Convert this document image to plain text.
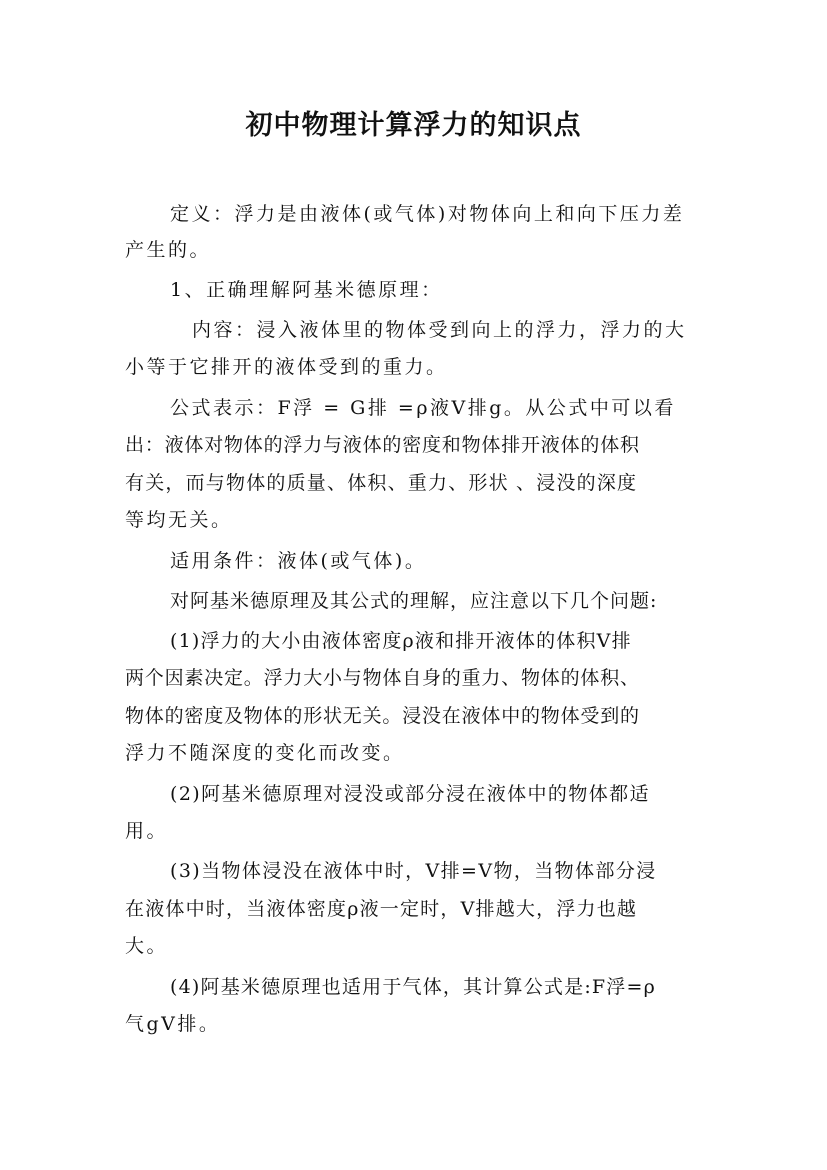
初中物理计算浮力的知识点
定义：浮力是由液体(或气体)对物体向上和向下压力差
产生的。
1、正确理解阿基米德原理：
内容：浸入液体里的物体受到向上的浮力，浮力的大
小等于它排开的液体受到的重力。
公式表示：F浮 = G排 =ρ液V排g。从公式中可以看
出：液体对物体的浮力与液体的密度和物体排开液体的体积
有关，而与物体的质量、体积、重力、形状 、浸没的深度
等均无关。
适用条件：液体(或气体)。
对阿基米德原理及其公式的理解，应注意以下几个问题:
(1)浮力的大小由液体密度ρ液和排开液体的体积V排
两个因素决定。浮力大小与物体自身的重力、物体的体积、
物体的密度及物体的形状无关。浸没在液体中的物体受到的
浮力不随深度的变化而改变。
(2)阿基米德原理对浸没或部分浸在液体中的物体都适
用。
(3)当物体浸没在液体中时，V排=V物，当物体部分浸
在液体中时，当液体密度ρ液一定时，V排越大，浮力也越
大。
(4)阿基米德原理也适用于气体，其计算公式是:F浮=ρ
气gV排。
